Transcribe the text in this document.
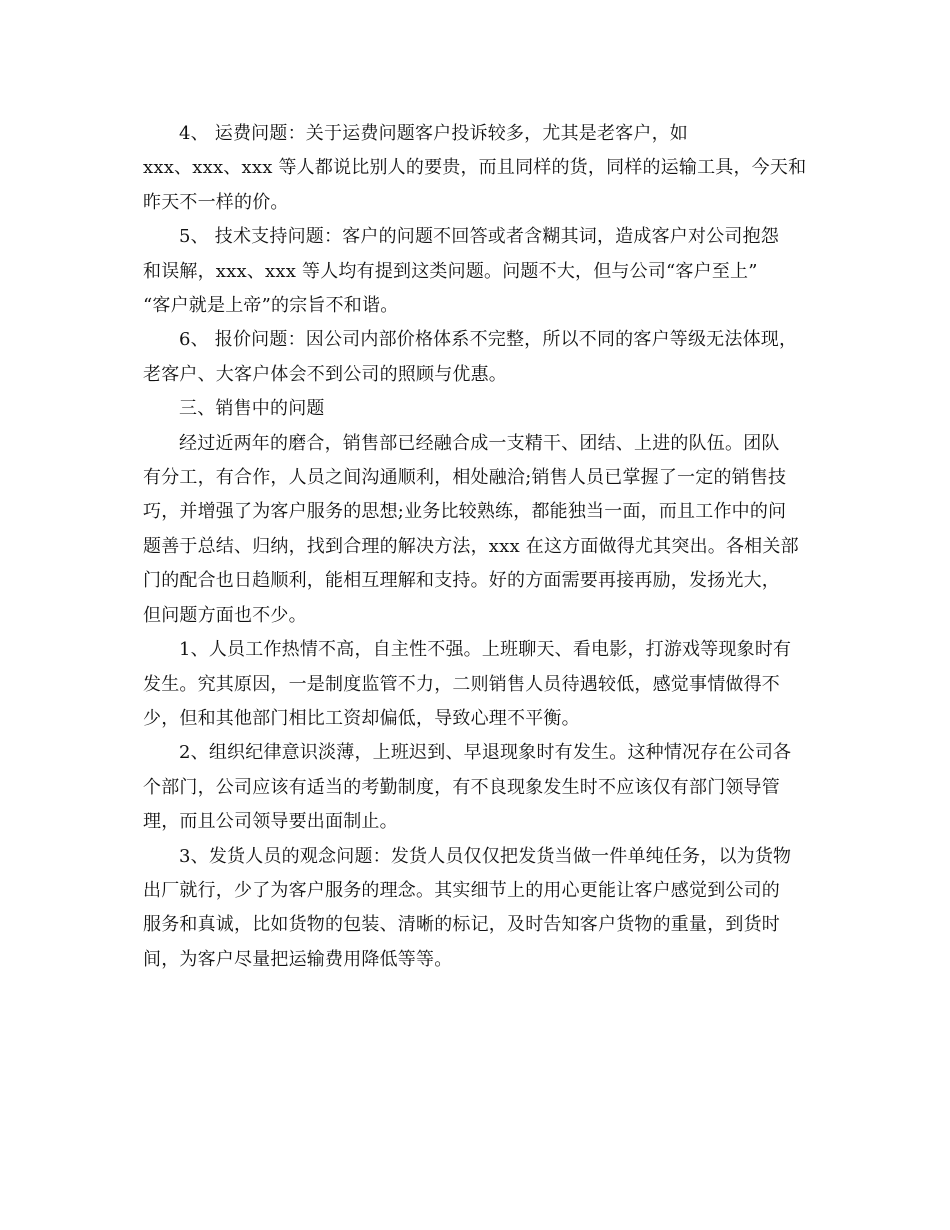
4、 运费问题：关于运费问题客户投诉较多，尤其是老客户，如
xxx、xxx、xxx 等人都说比别人的要贵，而且同样的货，同样的运输工具，今天和
昨天不一样的价。

5、 技术支持问题：客户的问题不回答或者含糊其词，造成客户对公司抱怨
和误解，xxx、xxx 等人均有提到这类问题。问题不大，但与公司“客户至上”
“客户就是上帝”的宗旨不和谐。

6、 报价问题：因公司内部价格体系不完整，所以不同的客户等级无法体现，
老客户、大客户体会不到公司的照顾与优惠。

三、销售中的问题

经过近两年的磨合，销售部已经融合成一支精干、团结、上进的队伍。团队
有分工，有合作，人员之间沟通顺利，相处融洽;销售人员已掌握了一定的销售技
巧，并增强了为客户服务的思想;业务比较熟练，都能独当一面，而且工作中的问
题善于总结、归纳，找到合理的解决方法，xxx 在这方面做得尤其突出。各相关部
门的配合也日趋顺利，能相互理解和支持。好的方面需要再接再励，发扬光大，
但问题方面也不少。

1、人员工作热情不高，自主性不强。上班聊天、看电影，打游戏等现象时有
发生。究其原因，一是制度监管不力，二则销售人员待遇较低，感觉事情做得不
少，但和其他部门相比工资却偏低，导致心理不平衡。

2、组织纪律意识淡薄，上班迟到、早退现象时有发生。这种情况存在公司各
个部门，公司应该有适当的考勤制度，有不良现象发生时不应该仅有部门领导管
理，而且公司领导要出面制止。

3、发货人员的观念问题：发货人员仅仅把发货当做一件单纯任务，以为货物
出厂就行，少了为客户服务的理念。其实细节上的用心更能让客户感觉到公司的
服务和真诚，比如货物的包装、清晰的标记，及时告知客户货物的重量，到货时
间，为客户尽量把运输费用降低等等。
